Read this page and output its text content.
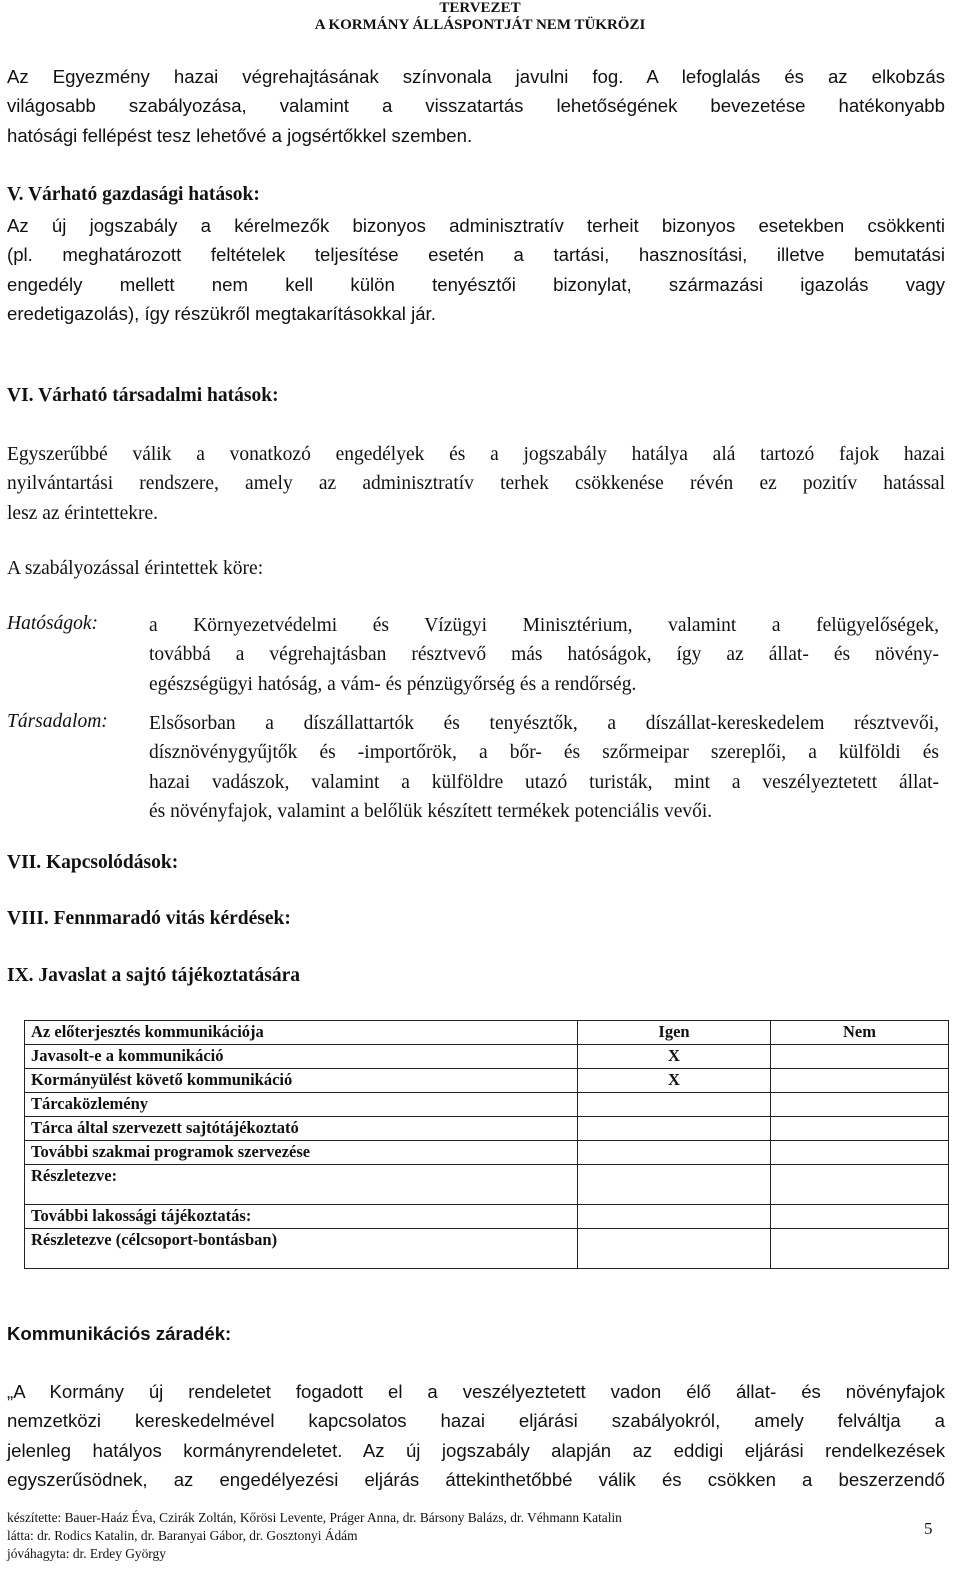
TERVEZET
A KORMÁNY ÁLLÁSPONTJÁT NEM TÜKRÖZI
Az Egyezmény hazai végrehajtásának színvonala javulni fog. A lefoglalás és az elkobzás
világosabb szabályozása, valamint a visszatartás lehetőségének bevezetése hatékonyabb
hatósági fellépést tesz lehetővé a jogsértőkkel szemben.
V. Várható gazdasági hatások:
Az új jogszabály a kérelmezők bizonyos adminisztratív terheit bizonyos esetekben csökkenti
(pl. meghatározott feltételek teljesítése esetén a tartási, hasznosítási, illetve bemutatási
engedély mellett nem kell külön tenyésztői bizonylat, származási igazolás vagy
eredetigazolás), így részükről megtakarításokkal jár.
VI. Várható társadalmi hatások:
Egyszerűbbé válik a vonatkozó engedélyek és a jogszabály hatálya alá tartozó fajok hazai
nyilvántartási rendszere, amely az adminisztratív terhek csökkenése révén ez pozitív hatással
lesz az érintettekre.
A szabályozással érintettek köre:
Hatóságok:	a Környezetvédelmi és Vízügyi Minisztérium, valamint a felügyelőségek,
továbbá a végrehajtásban résztvevő más hatóságok, így az állat- és növény-
egészségügyi hatóság, a vám- és pénzügyőrség és a rendőrség.
Társadalom: Elsősorban a díszállattartók és tenyésztők, a díszállat-kereskedelem résztvevői,
dísznövénygyűjtők és -importőrök, a bőr- és szőrmeipar szereplői, a külföldi és
hazai vadászok, valamint a külföldre utazó turisták, mint a veszélyeztetett állat-
és növényfajok, valamint a belőlük készített termékek potenciális vevői.
VII. Kapcsolódások:
VIII. Fennmaradó vitás kérdések:
IX. Javaslat a sajtó tájékoztatására
Az előterjesztés kommunikációja	Igen	Nem
Javasolt-e a kommunikáció	X	
Kormányülést követő kommunikáció	X	
Tárcaközlemény		
Tárca által szervezett sajtótájékoztató		
További szakmai programok szervezése		
Részletezve:		
További lakossági tájékoztatás:		
Részletezve (célcsoport-bontásban)		
Kommunikációs záradék:
„A Kormány új rendeletet fogadott el a veszélyeztetett vadon élő állat- és növényfajok
nemzetközi kereskedelmével kapcsolatos hazai eljárási szabályokról, amely felváltja a
jelenleg hatályos kormányrendeletet. Az új jogszabály alapján az eddigi eljárási rendelkezések
egyszerűsödnek, az engedélyezési eljárás áttekinthetőbbé válik és csökken a beszerzendő
készítette: Bauer-Haáz Éva, Czirák Zoltán, Kőrösi Levente, Práger Anna, dr. Bársony Balázs, dr. Véhmann Katalin
látta: dr. Rodics Katalin, dr. Baranyai Gábor, dr. Gosztonyi Ádám
jóváhagyta: dr. Erdey György
5
